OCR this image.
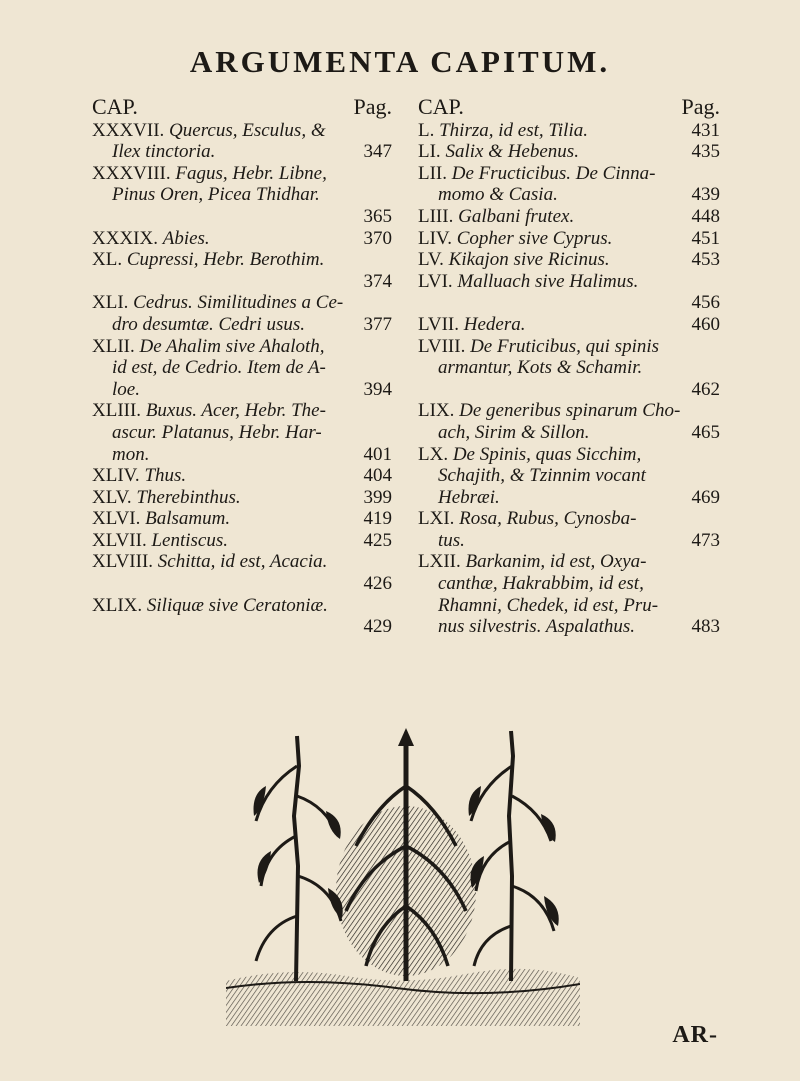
ARGUMENTA CAPITUM.
CAP.	Pag.
XXXVII. Quercus, Esculus, &
Ilex tinctoria.	347
XXXVIII. Fagus, Hebr. Libne,
Pinus Oren, Picea Thidhar.
365
XXXIX. Abies.	370
XL. Cupressi, Hebr. Berothim.
374
XLI. Cedrus. Similitudines a Ce-
dro desumtæ. Cedri usus.	377
XLII. De Ahalim sive Ahaloth,
id est, de Cedrio. Item de A-
loe.	394
XLIII. Buxus. Acer, Hebr. The-
ascur. Platanus, Hebr. Har-
mon.	401
XLIV. Thus.	404
XLV. Therebinthus.	399
XLVI. Balsamum.	419
XLVII. Lentiscus.	425
XLVIII. Schitta, id est, Acacia.
426
XLIX. Siliquæ sive Ceratoniæ.
429
CAP.	Pag.
L. Thirza, id est, Tilia.	431
LI. Salix & Hebenus.	435
LII. De Fructicibus. De Cinna-
momo & Casia.	439
LIII. Galbani frutex.	448
LIV. Copher sive Cyprus.	451
LV. Kikajon sive Ricinus.	453
LVI. Malluach sive Halimus.
456
LVII. Hedera.	460
LVIII. De Fruticibus, qui spinis
armantur, Kots & Schamir.
462
LIX. De generibus spinarum Cho-
ach, Sirim & Sillon.	465
LX. De Spinis, quas Sicchim,
Schajith, & Tzinnim vocant
Hebræi.	469
LXI. Rosa, Rubus, Cynosba-
tus.	473
LXII. Barkanim, id est, Oxya-
canthæ, Hakrabbim, id est,
Rhamni, Chedek, id est, Pru-
nus silvestris. Aspalathus.	483
AR-
